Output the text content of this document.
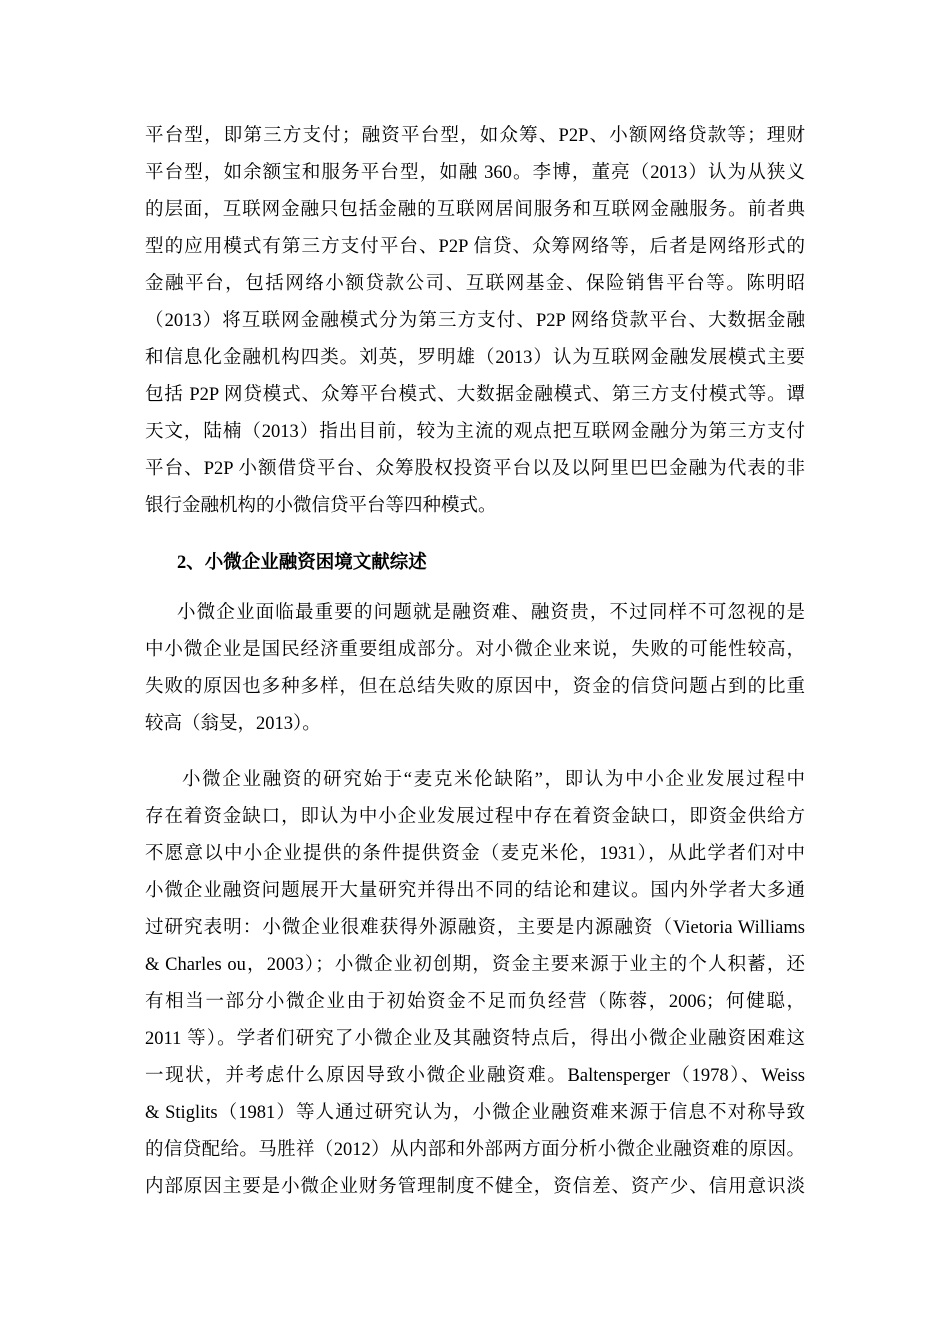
平台型，即第三方支付；融资平台型，如众筹、P2P、小额网络贷款等；理财
平台型，如余额宝和服务平台型，如融 360。李博，董亮（2013）认为从狭义
的层面，互联网金融只包括金融的互联网居间服务和互联网金融服务。前者典
型的应用模式有第三方支付平台、P2P 信贷、众筹网络等，后者是网络形式的
金融平台，包括网络小额贷款公司、互联网基金、保险销售平台等。陈明昭
（2013）将互联网金融模式分为第三方支付、P2P 网络贷款平台、大数据金融
和信息化金融机构四类。刘英，罗明雄（2013）认为互联网金融发展模式主要
包括 P2P 网贷模式、众筹平台模式、大数据金融模式、第三方支付模式等。谭
天文，陆楠（2013）指出目前，较为主流的观点把互联网金融分为第三方支付
平台、P2P 小额借贷平台、众筹股权投资平台以及以阿里巴巴金融为代表的非
银行金融机构的小微信贷平台等四种模式。
2、小微企业融资困境文献综述
小微企业面临最重要的问题就是融资难、融资贵，不过同样不可忽视的是
中小微企业是国民经济重要组成部分。对小微企业来说，失败的可能性较高，
失败的原因也多种多样，但在总结失败的原因中，资金的信贷问题占到的比重
较高（翁旻，2013）。
小微企业融资的研究始于“麦克米伦缺陷”，即认为中小企业发展过程中
存在着资金缺口，即认为中小企业发展过程中存在着资金缺口，即资金供给方
不愿意以中小企业提供的条件提供资金（麦克米伦，1931），从此学者们对中
小微企业融资问题展开大量研究并得出不同的结论和建议。国内外学者大多通
过研究表明：小微企业很难获得外源融资，主要是内源融资（Vietoria Williams
& Charles ou，2003）；小微企业初创期，资金主要来源于业主的个人积蓄，还
有相当一部分小微企业由于初始资金不足而负经营（陈蓉，2006；何健聪，
2011 等）。学者们研究了小微企业及其融资特点后，得出小微企业融资困难这
一现状，并考虑什么原因导致小微企业融资难。Baltensperger（1978）、Weiss
& Stiglits（1981）等人通过研究认为，小微企业融资难来源于信息不对称导致
的信贷配给。马胜祥（2012）从内部和外部两方面分析小微企业融资难的原因。
内部原因主要是小微企业财务管理制度不健全，资信差、资产少、信用意识淡
